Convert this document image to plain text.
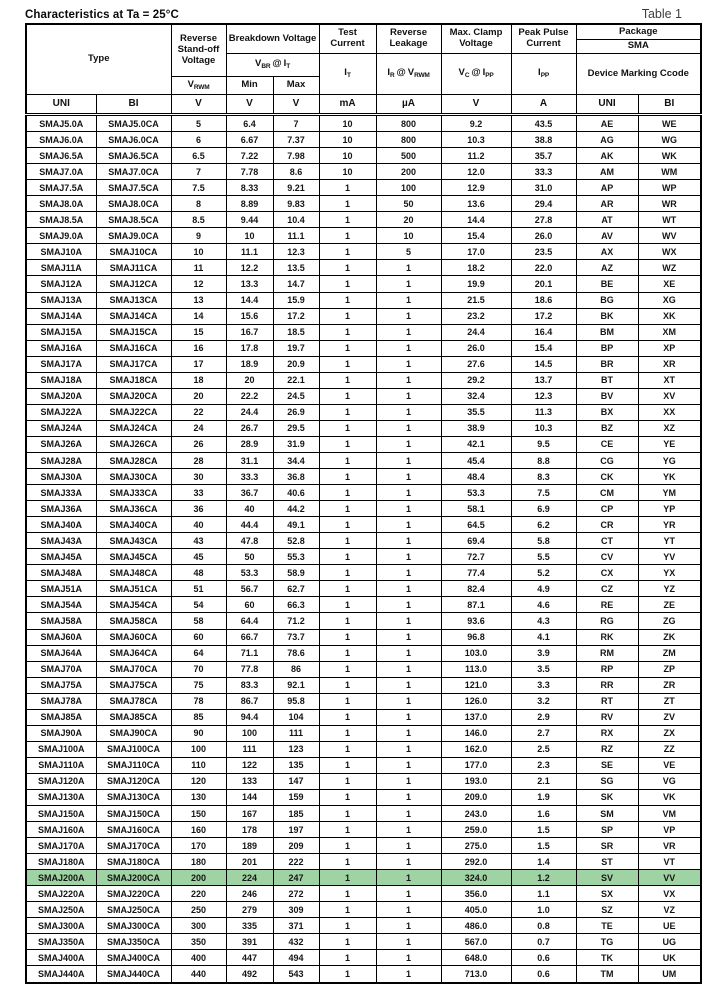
Characteristics at Ta = 25°C	Table 1
Type		Reverse Stand-off Voltage	Breakdown Voltage		Test Current	Reverse Leakage	Max. Clamp Voltage	Peak Pulse Current	Package	
									SMA	
			$V_{BR}$ @ $I_T$		$I_T$	$I_R$ @ $V_{RWM}$	$V_C$ @ $I_{PP}$	$I_{PP}$	Device Marking Ccode	
		$V_{RWM}$	Min	Max						
UNI	BI	V	V	V	mA	µA	V	A	UNI	BI
SMAJ5.0A	SMAJ5.0CA	5	6.4	7	10	800	9.2	43.5	AE	WE
SMAJ6.0A	SMAJ6.0CA	6	6.67	7.37	10	800	10.3	38.8	AG	WG
SMAJ6.5A	SMAJ6.5CA	6.5	7.22	7.98	10	500	11.2	35.7	AK	WK
SMAJ7.0A	SMAJ7.0CA	7	7.78	8.6	10	200	12.0	33.3	AM	WM
SMAJ7.5A	SMAJ7.5CA	7.5	8.33	9.21	1	100	12.9	31.0	AP	WP
SMAJ8.0A	SMAJ8.0CA	8	8.89	9.83	1	50	13.6	29.4	AR	WR
SMAJ8.5A	SMAJ8.5CA	8.5	9.44	10.4	1	20	14.4	27.8	AT	WT
SMAJ9.0A	SMAJ9.0CA	9	10	11.1	1	10	15.4	26.0	AV	WV
SMAJ10A	SMAJ10CA	10	11.1	12.3	1	5	17.0	23.5	AX	WX
SMAJ11A	SMAJ11CA	11	12.2	13.5	1	1	18.2	22.0	AZ	WZ
SMAJ12A	SMAJ12CA	12	13.3	14.7	1	1	19.9	20.1	BE	XE
SMAJ13A	SMAJ13CA	13	14.4	15.9	1	1	21.5	18.6	BG	XG
SMAJ14A	SMAJ14CA	14	15.6	17.2	1	1	23.2	17.2	BK	XK
SMAJ15A	SMAJ15CA	15	16.7	18.5	1	1	24.4	16.4	BM	XM
SMAJ16A	SMAJ16CA	16	17.8	19.7	1	1	26.0	15.4	BP	XP
SMAJ17A	SMAJ17CA	17	18.9	20.9	1	1	27.6	14.5	BR	XR
SMAJ18A	SMAJ18CA	18	20	22.1	1	1	29.2	13.7	BT	XT
SMAJ20A	SMAJ20CA	20	22.2	24.5	1	1	32.4	12.3	BV	XV
SMAJ22A	SMAJ22CA	22	24.4	26.9	1	1	35.5	11.3	BX	XX
SMAJ24A	SMAJ24CA	24	26.7	29.5	1	1	38.9	10.3	BZ	XZ
SMAJ26A	SMAJ26CA	26	28.9	31.9	1	1	42.1	9.5	CE	YE
SMAJ28A	SMAJ28CA	28	31.1	34.4	1	1	45.4	8.8	CG	YG
SMAJ30A	SMAJ30CA	30	33.3	36.8	1	1	48.4	8.3	CK	YK
SMAJ33A	SMAJ33CA	33	36.7	40.6	1	1	53.3	7.5	CM	YM
SMAJ36A	SMAJ36CA	36	40	44.2	1	1	58.1	6.9	CP	YP
SMAJ40A	SMAJ40CA	40	44.4	49.1	1	1	64.5	6.2	CR	YR
SMAJ43A	SMAJ43CA	43	47.8	52.8	1	1	69.4	5.8	CT	YT
SMAJ45A	SMAJ45CA	45	50	55.3	1	1	72.7	5.5	CV	YV
SMAJ48A	SMAJ48CA	48	53.3	58.9	1	1	77.4	5.2	CX	YX
SMAJ51A	SMAJ51CA	51	56.7	62.7	1	1	82.4	4.9	CZ	YZ
SMAJ54A	SMAJ54CA	54	60	66.3	1	1	87.1	4.6	RE	ZE
SMAJ58A	SMAJ58CA	58	64.4	71.2	1	1	93.6	4.3	RG	ZG
SMAJ60A	SMAJ60CA	60	66.7	73.7	1	1	96.8	4.1	RK	ZK
SMAJ64A	SMAJ64CA	64	71.1	78.6	1	1	103.0	3.9	RM	ZM
SMAJ70A	SMAJ70CA	70	77.8	86	1	1	113.0	3.5	RP	ZP
SMAJ75A	SMAJ75CA	75	83.3	92.1	1	1	121.0	3.3	RR	ZR
SMAJ78A	SMAJ78CA	78	86.7	95.8	1	1	126.0	3.2	RT	ZT
SMAJ85A	SMAJ85CA	85	94.4	104	1	1	137.0	2.9	RV	ZV
SMAJ90A	SMAJ90CA	90	100	111	1	1	146.0	2.7	RX	ZX
SMAJ100A	SMAJ100CA	100	111	123	1	1	162.0	2.5	RZ	ZZ
SMAJ110A	SMAJ110CA	110	122	135	1	1	177.0	2.3	SE	VE
SMAJ120A	SMAJ120CA	120	133	147	1	1	193.0	2.1	SG	VG
SMAJ130A	SMAJ130CA	130	144	159	1	1	209.0	1.9	SK	VK
SMAJ150A	SMAJ150CA	150	167	185	1	1	243.0	1.6	SM	VM
SMAJ160A	SMAJ160CA	160	178	197	1	1	259.0	1.5	SP	VP
SMAJ170A	SMAJ170CA	170	189	209	1	1	275.0	1.5	SR	VR
SMAJ180A	SMAJ180CA	180	201	222	1	1	292.0	1.4	ST	VT
SMAJ200A	SMAJ200CA	200	224	247	1	1	324.0	1.2	SV	VV
SMAJ220A	SMAJ220CA	220	246	272	1	1	356.0	1.1	SX	VX
SMAJ250A	SMAJ250CA	250	279	309	1	1	405.0	1.0	SZ	VZ
SMAJ300A	SMAJ300CA	300	335	371	1	1	486.0	0.8	TE	UE
SMAJ350A	SMAJ350CA	350	391	432	1	1	567.0	0.7	TG	UG
SMAJ400A	SMAJ400CA	400	447	494	1	1	648.0	0.6	TK	UK
SMAJ440A	SMAJ440CA	440	492	543	1	1	713.0	0.6	TM	UM
